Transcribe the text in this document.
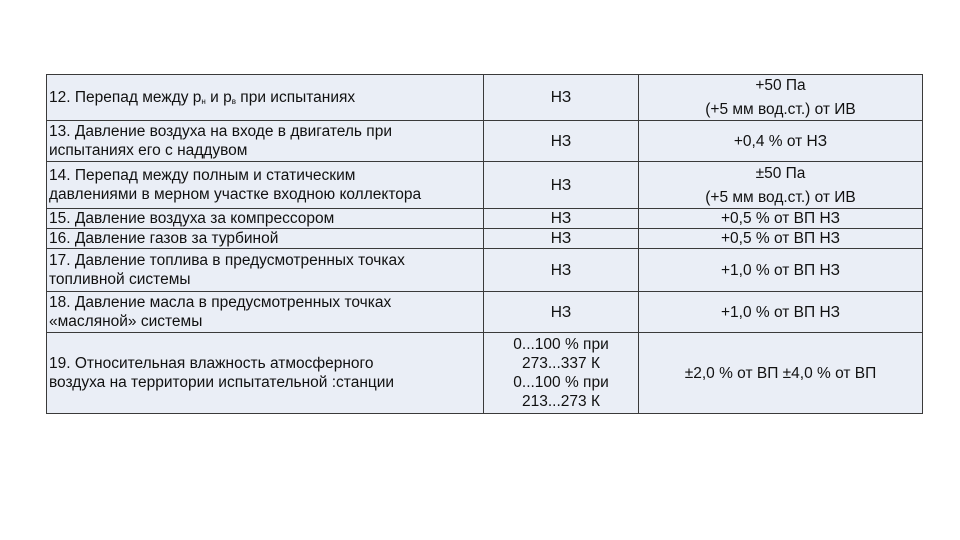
12. Перепад между $р_н$ и $р_в$ при испытаниях	НЗ	+50 Па
(+5 мм вод.ст.) от ИВ

13. Давление воздуха на входе в двигатель при
испытаниях его с наддувом	НЗ	+0,4 % от НЗ

14. Перепад между полным и статическим
давлениями в мерном участке входною коллектора	НЗ	±50 Па
(+5 мм вод.ст.) от ИВ

15. Давление воздуха за компрессором	НЗ	+0,5 % от ВП НЗ

16. Давление газов за турбиной	НЗ	+0,5 % от ВП НЗ

17. Давление топлива в предусмотренных точках
топливной системы	НЗ	+1,0 % от ВП НЗ

18. Давление масла в предусмотренных точках
«масляной» системы	НЗ	+1,0 % от ВП НЗ

19. Относительная влажность атмосферного
воздуха на территории испытательной :станции	0...100 % при
273...337 К
0...100 % при
213...273 К	±2,0 % от ВП ±4,0 % от ВП
